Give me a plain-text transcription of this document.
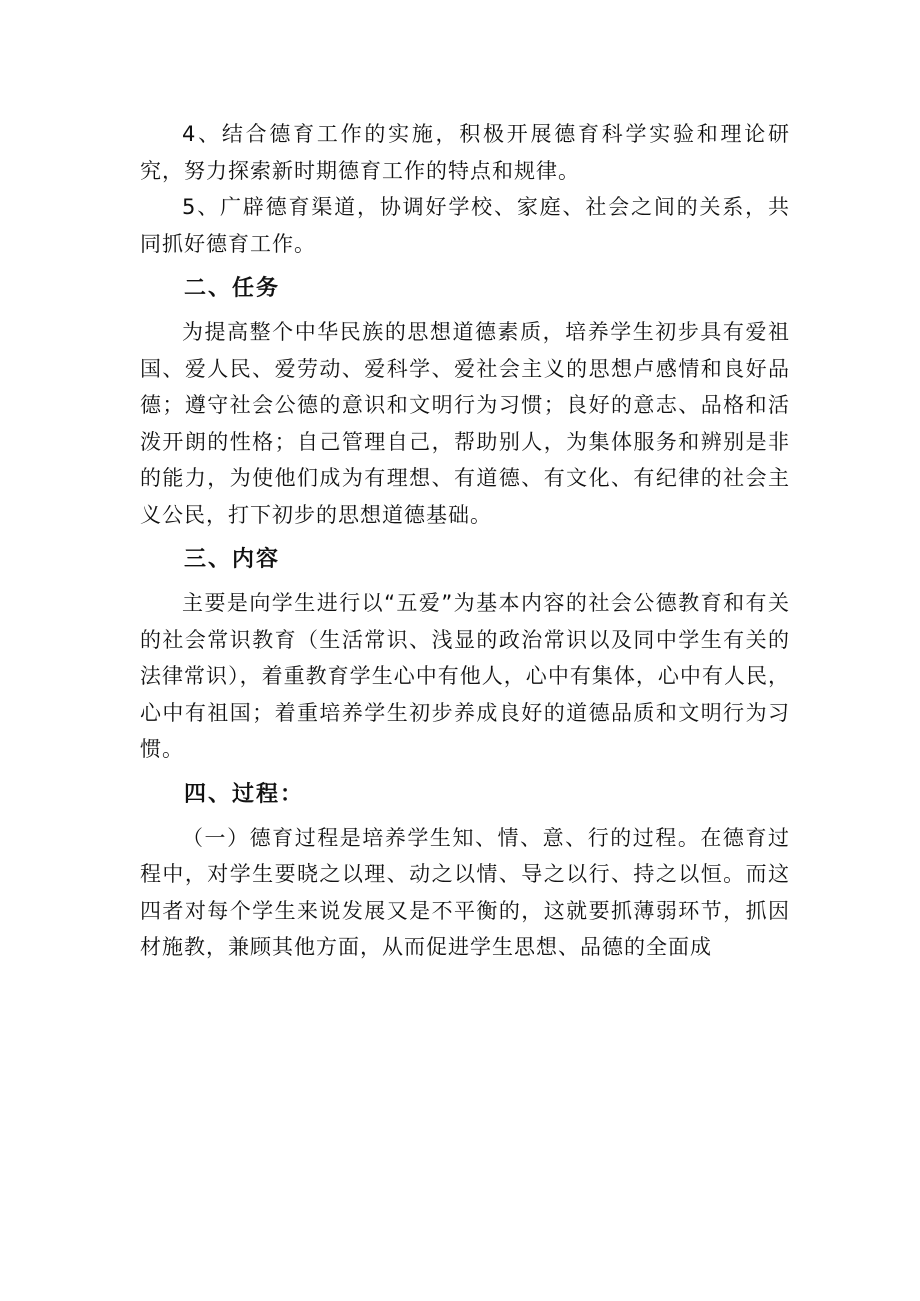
4、结合德育工作的实施，积极开展德育科学实验和理论研究，努力探索新时期德育工作的特点和规律。

5、广辟德育渠道，协调好学校、家庭、社会之间的关系，共同抓好德育工作。

二、任务

为提高整个中华民族的思想道德素质，培养学生初步具有爱祖国、爱人民、爱劳动、爱科学、爱社会主义的思想卢感情和良好品德；遵守社会公德的意识和文明行为习惯；良好的意志、品格和活泼开朗的性格；自己管理自己，帮助别人，为集体服务和辨别是非的能力，为使他们成为有理想、有道德、有文化、有纪律的社会主义公民，打下初步的思想道德基础。

三、内容

主要是向学生进行以“五爱”为基本内容的社会公德教育和有关的社会常识教育（生活常识、浅显的政治常识以及同中学生有关的法律常识），着重教育学生心中有他人，心中有集体，心中有人民，心中有祖国；着重培养学生初步养成良好的道德品质和文明行为习惯。

四、过程：

（一）德育过程是培养学生知、情、意、行的过程。在德育过程中，对学生要晓之以理、动之以情、导之以行、持之以恒。而这四者对每个学生来说发展又是不平衡的，这就要抓薄弱环节，抓因材施教，兼顾其他方面，从而促进学生思想、品德的全面成
